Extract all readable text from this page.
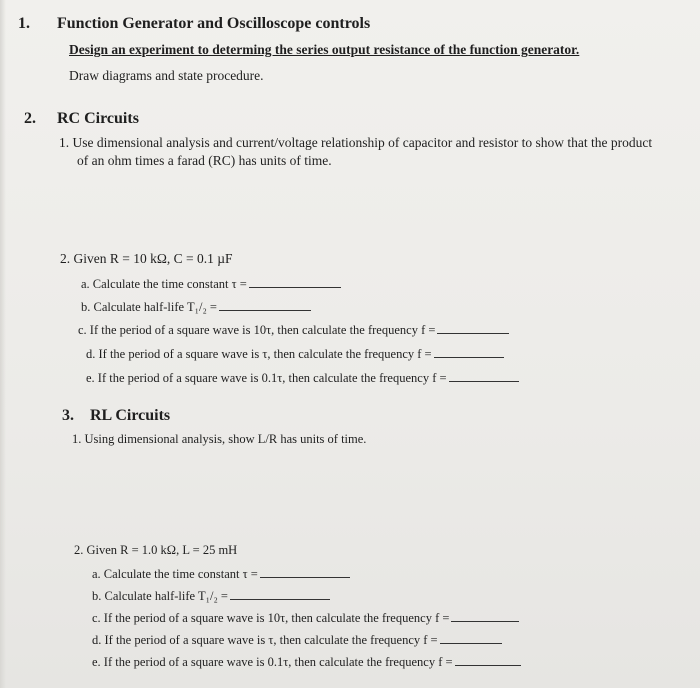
1. Function Generator and Oscilloscope controls
Design an experiment to determing the series output resistance of the function generator.
Draw diagrams and state procedure.
2. RC Circuits
1. Use dimensional analysis and current/voltage relationship of capacitor and resistor to show that the product
of an ohm times a farad (RC) has units of time.
2. Given R = 10 kΩ, C = 0.1 µF
a. Calculate the time constant τ =
b. Calculate half-life T₁/₂ =
c. If the period of a square wave is 10τ, then calculate the frequency f =
d. If the period of a square wave is τ, then calculate the frequency f =
e. If the period of a square wave is 0.1τ, then calculate the frequency f =
3. RL Circuits
1. Using dimensional analysis, show L/R has units of time.
2. Given R = 1.0 kΩ, L = 25 mH
a. Calculate the time constant τ =
b. Calculate half-life T₁/₂ =
c. If the period of a square wave is 10τ, then calculate the frequency f =
d. If the period of a square wave is τ, then calculate the frequency f =
e. If the period of a square wave is 0.1τ, then calculate the frequency f =
